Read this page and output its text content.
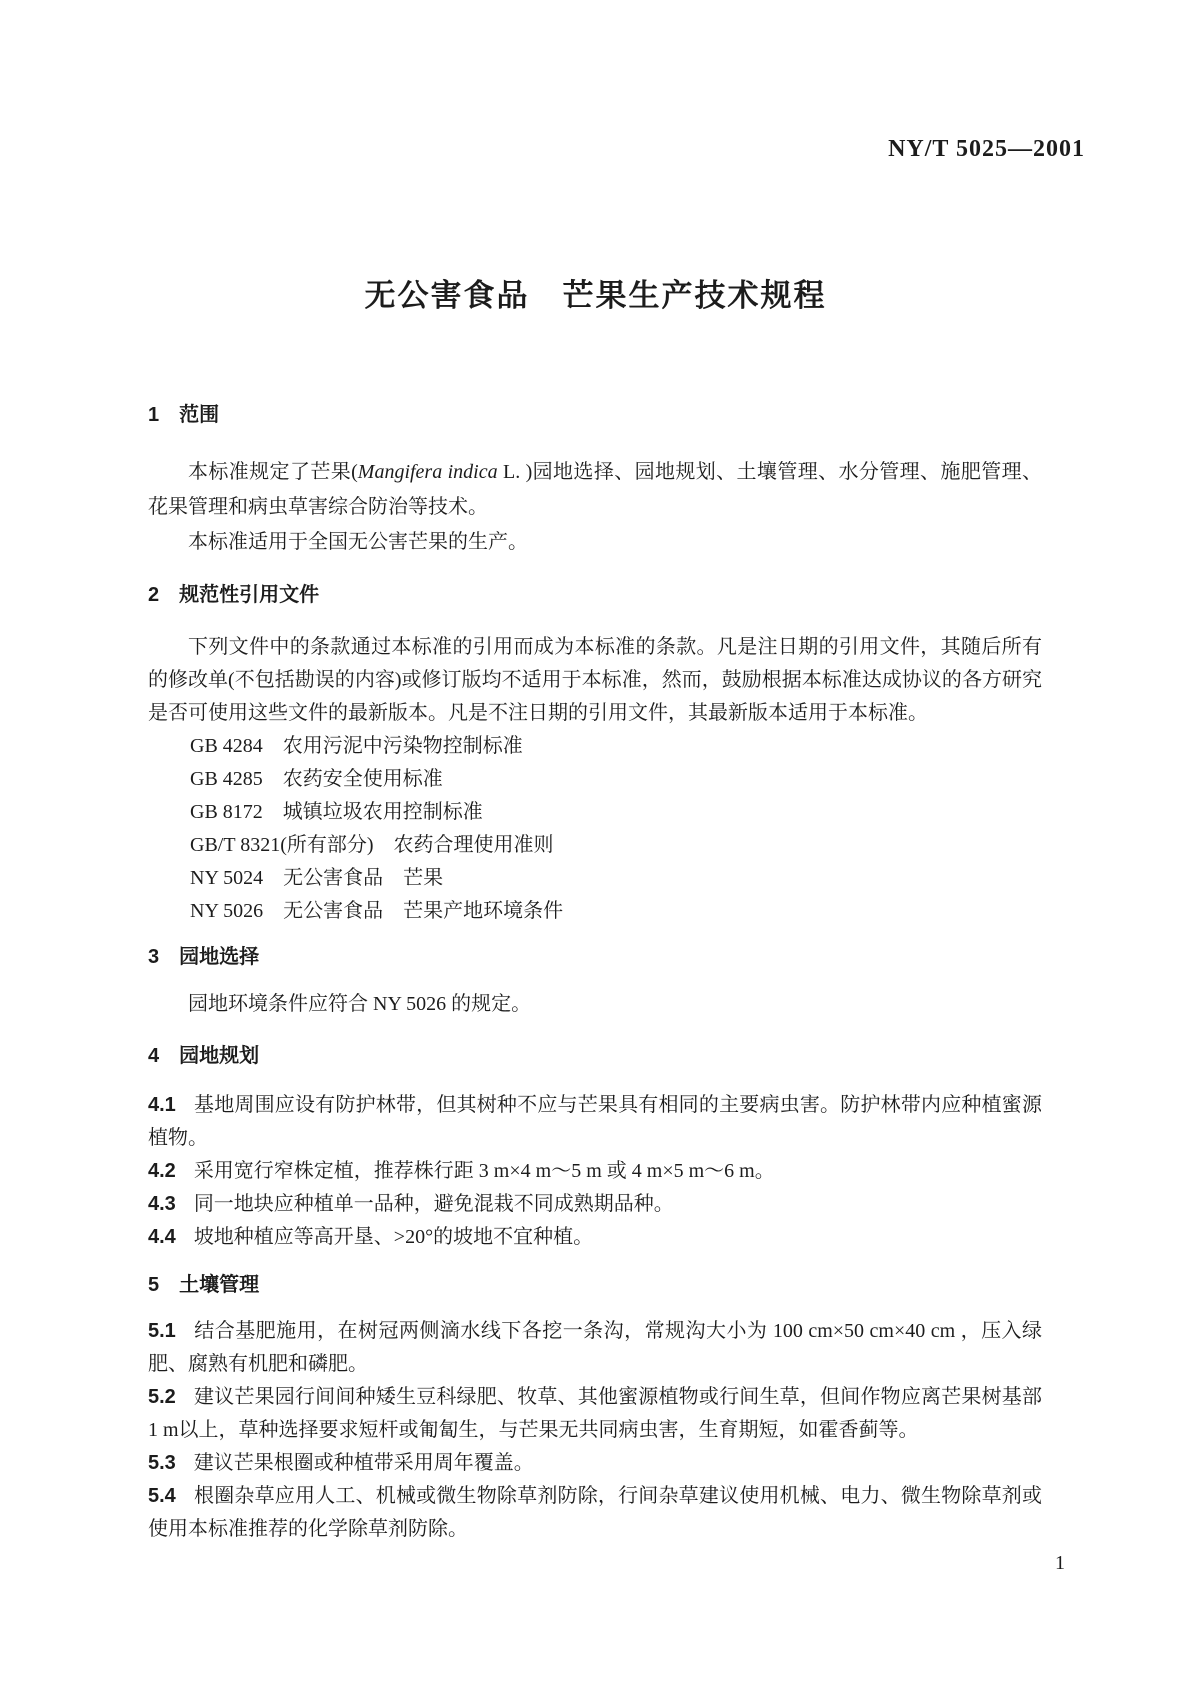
NY/T 5025—2001
无公害食品　芒果生产技术规程
1 范围

本标准规定了芒果(Mangifera indica L. )园地选择、园地规划、土壤管理、水分管理、施肥管理、花果管理和病虫草害综合防治等技术。

本标准适用于全国无公害芒果的生产。

2 规范性引用文件

下列文件中的条款通过本标准的引用而成为本标准的条款。凡是注日期的引用文件，其随后所有的修改单(不包括勘误的内容)或修订版均不适用于本标准，然而，鼓励根据本标准达成协议的各方研究是否可使用这些文件的最新版本。凡是不注日期的引用文件，其最新版本适用于本标准。

GB 4284　农用污泥中污染物控制标准
GB 4285　农药安全使用标准
GB 8172　城镇垃圾农用控制标准
GB/T 8321(所有部分)　农药合理使用准则
NY 5024　无公害食品　芒果
NY 5026　无公害食品　芒果产地环境条件
3 园地选择

园地环境条件应符合 NY 5026 的规定。

4 园地规划

4.1 基地周围应设有防护林带，但其树种不应与芒果具有相同的主要病虫害。防护林带内应种植蜜源植物。

4.2 采用宽行窄株定植，推荐株行距 3 m×4 m～5 m 或 4 m×5 m～6 m。

4.3 同一地块应种植单一品种，避免混栽不同成熟期品种。

4.4 坡地种植应等高开垦、>20°的坡地不宜种植。

5 土壤管理

5.1 结合基肥施用，在树冠两侧滴水线下各挖一条沟，常规沟大小为 100 cm×50 cm×40 cm ，压入绿肥、腐熟有机肥和磷肥。

5.2 建议芒果园行间间种矮生豆科绿肥、牧草、其他蜜源植物或行间生草，但间作物应离芒果树基部 1 m以上，草种选择要求短杆或匍匐生，与芒果无共同病虫害，生育期短，如霍香蓟等。

5.3 建议芒果根圈或种植带采用周年覆盖。

5.4 根圈杂草应用人工、机械或微生物除草剂防除，行间杂草建议使用机械、电力、微生物除草剂或使用本标准推荐的化学除草剂防除。

1
